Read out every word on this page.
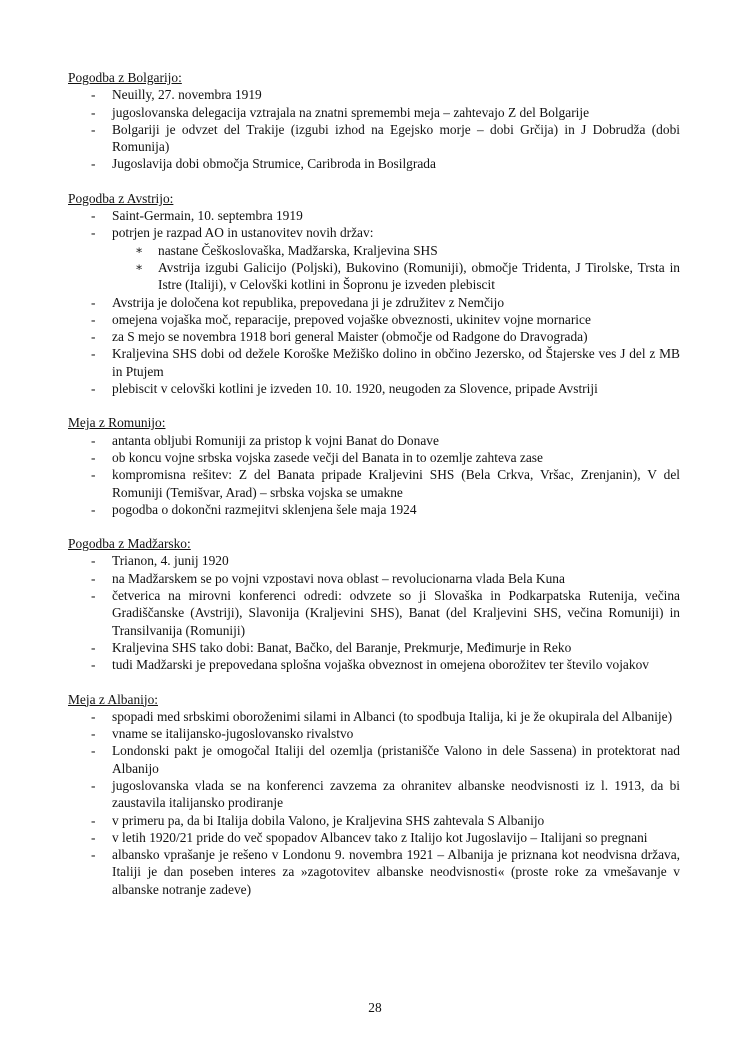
Pogodba z Bolgarijo:
- Neuilly, 27. novembra 1919
- jugoslovanska delegacija vztrajala na znatni spremembi meja – zahtevajo Z del Bolgarije
- Bolgariji je odvzet del Trakije (izgubi izhod na Egejsko morje – dobi Grčija) in J Dobrudža (dobi Romunija)
- Jugoslavija dobi območja Strumice, Caribroda in Bosilgrada
Pogodba z Avstrijo:
- Saint-Germain, 10. septembra 1919
- potrjen je razpad AO in ustanovitev novih držav:
∗ nastane Češkoslovaška, Madžarska, Kraljevina SHS
∗ Avstrija izgubi Galicijo (Poljski), Bukovino (Romuniji), območje Tridenta, J Tirolske, Trsta in Istre (Italiji), v Celovški kotlini in Šopronu je izveden plebiscit
- Avstrija je določena kot republika, prepovedana ji je združitev z Nemčijo
- omejena vojaška moč, reparacije, prepoved vojaške obveznosti, ukinitev vojne mornarice
- za S mejo se novembra 1918 bori general Maister (območje od Radgone do Dravograda)
- Kraljevina SHS dobi od dežele Koroške Mežiško dolino in občino Jezersko, od Štajerske ves J del z MB in Ptujem
- plebiscit v celovški kotlini je izveden 10. 10. 1920, neugoden za Slovence, pripade Avstriji
Meja z Romunijo:
- antanta obljubi Romuniji za pristop k vojni Banat do Donave
- ob koncu vojne srbska vojska zasede večji del Banata in to ozemlje zahteva zase
- kompromisna rešitev: Z del Banata pripade Kraljevini SHS (Bela Crkva, Vršac, Zrenjanin), V del Romuniji (Temišvar, Arad) – srbska vojska se umakne
- pogodba o dokončni razmejitvi sklenjena šele maja 1924
Pogodba z Madžarsko:
- Trianon, 4. junij 1920
- na Madžarskem se po vojni vzpostavi nova oblast – revolucionarna vlada Bela Kuna
- četverica na mirovni konferenci odredi: odvzete so ji Slovaška in Podkarpatska Rutenija, večina Gradiščanske (Avstriji), Slavonija (Kraljevini SHS), Banat (del Kraljevini SHS, večina Romuniji) in Transilvanija (Romuniji)
- Kraljevina SHS tako dobi: Banat, Bačko, del Baranje, Prekmurje, Međimurje in Reko
- tudi Madžarski je prepovedana splošna vojaška obveznost in omejena oborožitev ter število vojakov
Meja z Albanijo:
- spopadi med srbskimi oboroženimi silami in Albanci (to spodbuja Italija, ki je že okupirala del Albanije)
- vname se italijansko-jugoslovansko rivalstvo
- Londonski pakt je omogočal Italiji del ozemlja (pristanišče Valono in dele Sassena) in protektorat nad Albanijo
- jugoslovanska vlada se na konferenci zavzema za ohranitev albanske neodvisnosti iz l. 1913, da bi zaustavila italijansko prodiranje
- v primeru pa, da bi Italija dobila Valono, je Kraljevina SHS zahtevala S Albanijo
- v letih 1920/21 pride do več spopadov Albancev tako z Italijo kot Jugoslavijo – Italijani so pregnani
- albansko vprašanje je rešeno v Londonu 9. novembra 1921 – Albanija je priznana kot neodvisna država, Italiji je dan poseben interes za »zagotovitev albanske neodvisnosti« (proste roke za vmešavanje v albanske notranje zadeve)
28
